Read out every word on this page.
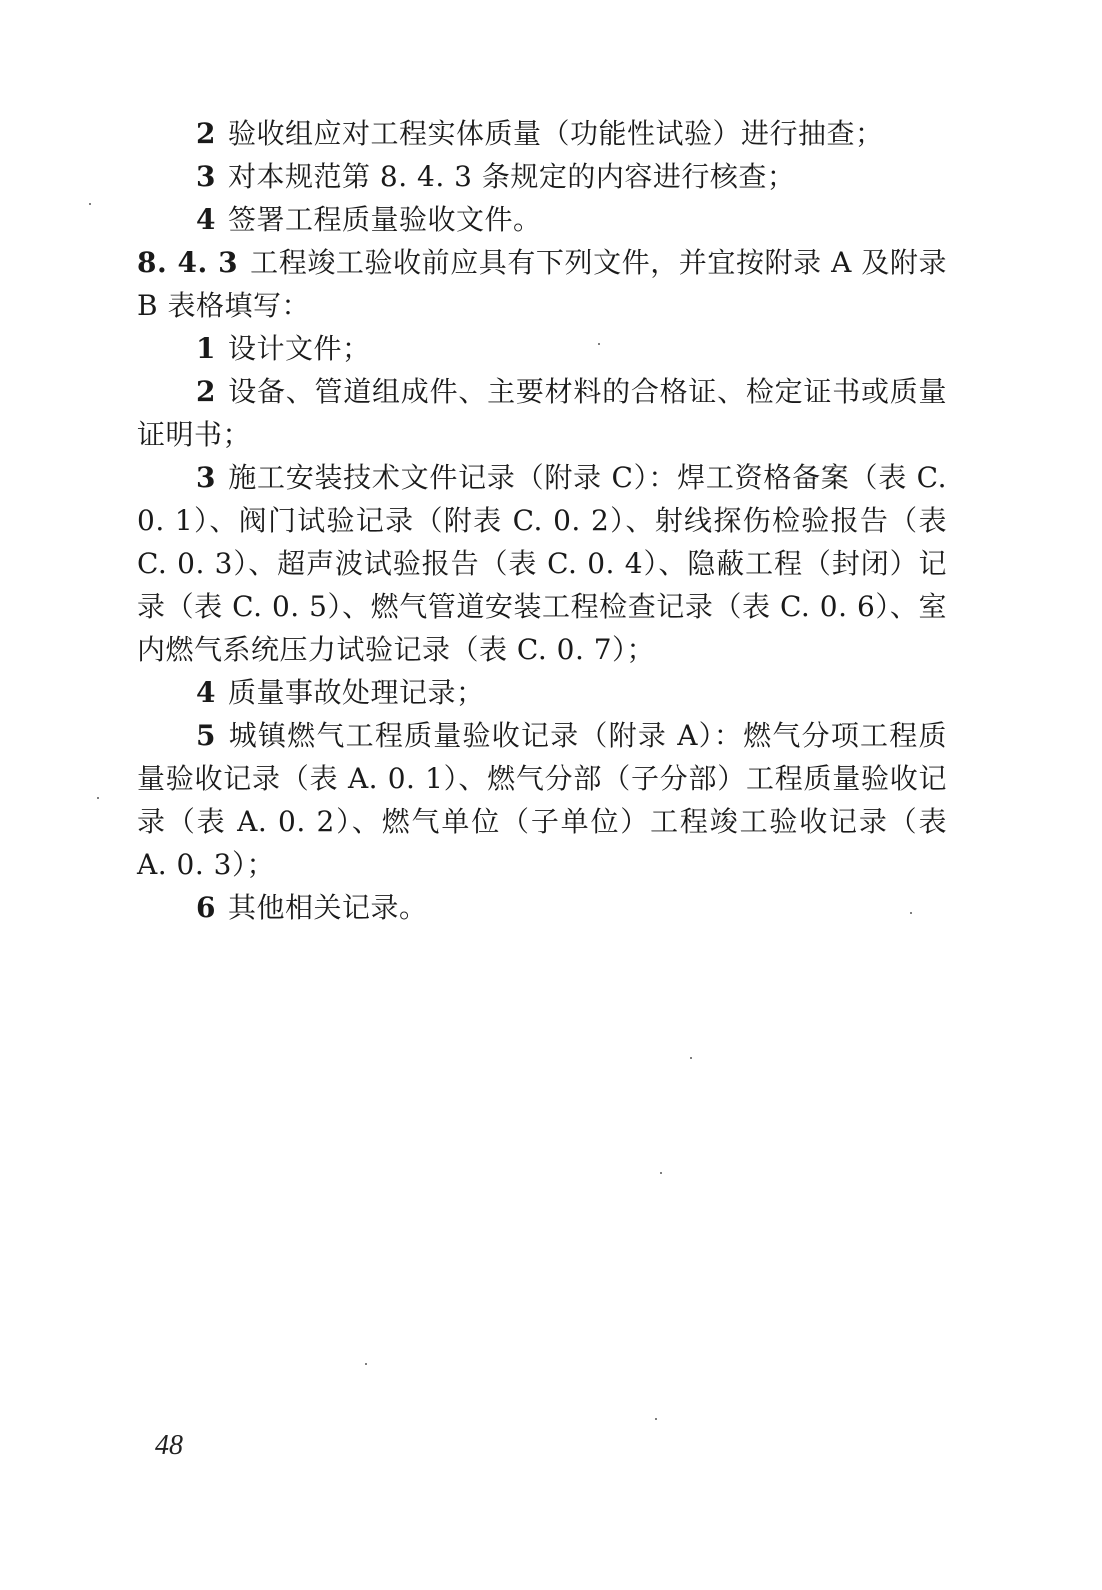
2 验收组应对工程实体质量（功能性试验）进行抽查；

3 对本规范第 8. 4. 3 条规定的内容进行核查；

4 签署工程质量验收文件。

8. 4. 3 工程竣工验收前应具有下列文件，并宜按附录 A 及附录 B 表格填写：

1 设计文件；

2 设备、管道组成件、主要材料的合格证、检定证书或质量证明书；

3 施工安装技术文件记录（附录 C）：焊工资格备案（表 C. 0. 1）、阀门试验记录（附表 C. 0. 2）、射线探伤检验报告（表 C. 0. 3）、超声波试验报告（表 C. 0. 4）、隐蔽工程（封闭）记录（表 C. 0. 5）、燃气管道安装工程检查记录（表 C. 0. 6）、室内燃气系统压力试验记录（表 C. 0. 7）；

4 质量事故处理记录；

5 城镇燃气工程质量验收记录（附录 A）：燃气分项工程质量验收记录（表 A. 0. 1）、燃气分部（子分部）工程质量验收记录（表 A. 0. 2）、燃气单位（子单位）工程竣工验收记录（表 A. 0. 3）；

6 其他相关记录。

48
